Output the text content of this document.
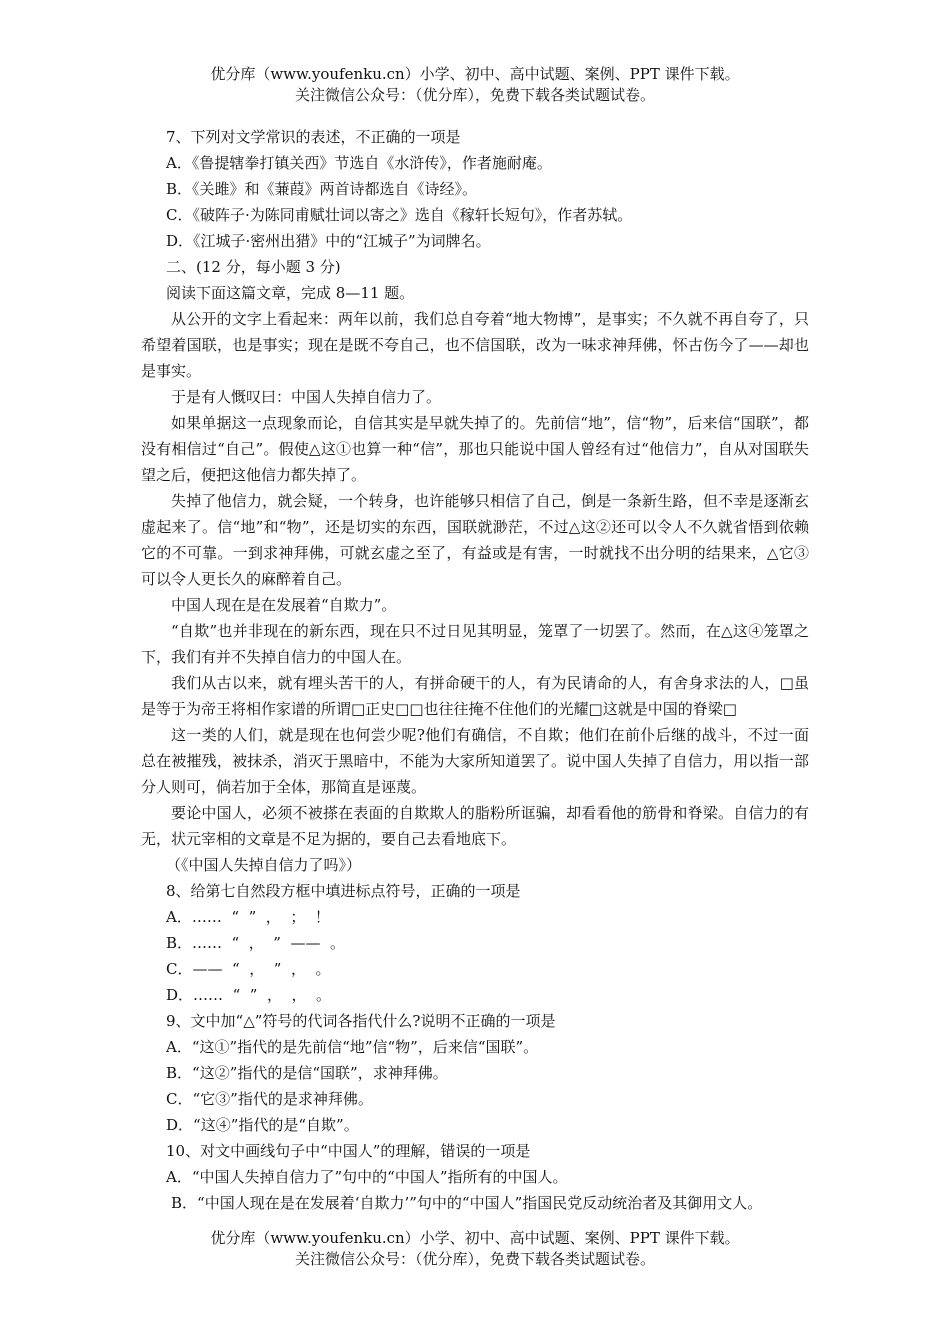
优分库（www.youfenku.cn）小学、初中、高中试题、案例、PPT 课件下载。
关注微信公众号：（优分库），免费下载各类试题试卷。

7、下列对文学常识的表述，不正确的一项是

A．《鲁提辖拳打镇关西》节选自《水浒传》，作者施耐庵。

B．《关雎》和《蒹葭》两首诗都选自《诗经》。

C．《破阵子·为陈同甫赋壮词以寄之》选自《稼轩长短句》，作者苏轼。

D．《江城子·密州出猎》中的“江城子”为词牌名。

二、(12 分，每小题 3 分)

阅读下面这篇文章，完成 8—11 题。

从公开的文字上看起来：两年以前，我们总自夸着“地大物博”，是事实；不久就不再自夸了，只希望着国联，也是事实；现在是既不夸自己，也不信国联，改为一味求神拜佛，怀古伤今了——却也是事实。

于是有人慨叹曰：中国人失掉自信力了。

如果单据这一点现象而论，自信其实是早就失掉了的。先前信“地”，信“物”，后来信“国联”，都没有相信过“自己”。假使△这①也算一种“信”，那也只能说中国人曾经有过“他信力”，自从对国联失望之后，便把这他信力都失掉了。

失掉了他信力，就会疑，一个转身，也许能够只相信了自己，倒是一条新生路，但不幸是逐渐玄虚起来了。信“地”和“物”，还是切实的东西，国联就渺茫，不过△这②还可以令人不久就省悟到依赖它的不可靠。一到求神拜佛，可就玄虚之至了，有益或是有害，一时就找不出分明的结果来，△它③可以令人更长久的麻醉着自己。

中国人现在是在发展着“自欺力”。

“自欺”也并非现在的新东西，现在只不过日见其明显，笼罩了一切罢了。然而，在△这④笼罩之下，我们有并不失掉自信力的中国人在。

我们从古以来，就有埋头苦干的人，有拼命硬干的人，有为民请命的人，有舍身求法的人，□虽是等于为帝王将相作家谱的所谓□正史□□也往往掩不住他们的光耀□这就是中国的脊梁□

这一类的人们，就是现在也何尝少呢?他们有确信，不自欺；他们在前仆后继的战斗，不过一面总在被摧残，被抹杀，消灭于黑暗中，不能为大家所知道罢了。说中国人失掉了自信力，用以指一部分人则可，倘若加于全体，那简直是诬蔑。

要论中国人，必须不被搽在表面的自欺欺人的脂粉所诓骗，却看看他的筋骨和脊梁。自信力的有无，状元宰相的文章是不足为据的，要自己去看地底下。

（《中国人失掉自信力了吗》）

8、给第七自然段方框中填进标点符号，正确的一项是

A．……  “  ”  ，  ；  ！

B．……  “  ，  ”  ——  。

C．——  “  ，  ”  ，  。

D．……  “  ”  ，  ，  。

9、文中加“△”符号的代词各指代什么?说明不正确的一项是

A．“这①”指代的是先前信“地”信“物”，后来信“国联”。

B．“这②”指代的是信“国联”，求神拜佛。

C．“它③”指代的是求神拜佛。

D．“这④”指代的是“自欺”。

10、对文中画线句子中“中国人”的理解，错误的一项是

A．“中国人失掉自信力了”句中的“中国人”指所有的中国人。

B．“中国人现在是在发展着‘自欺力’”句中的“中国人”指国民党反动统治者及其御用文人。

优分库（www.youfenku.cn）小学、初中、高中试题、案例、PPT 课件下载。
关注微信公众号：（优分库），免费下载各类试题试卷。
